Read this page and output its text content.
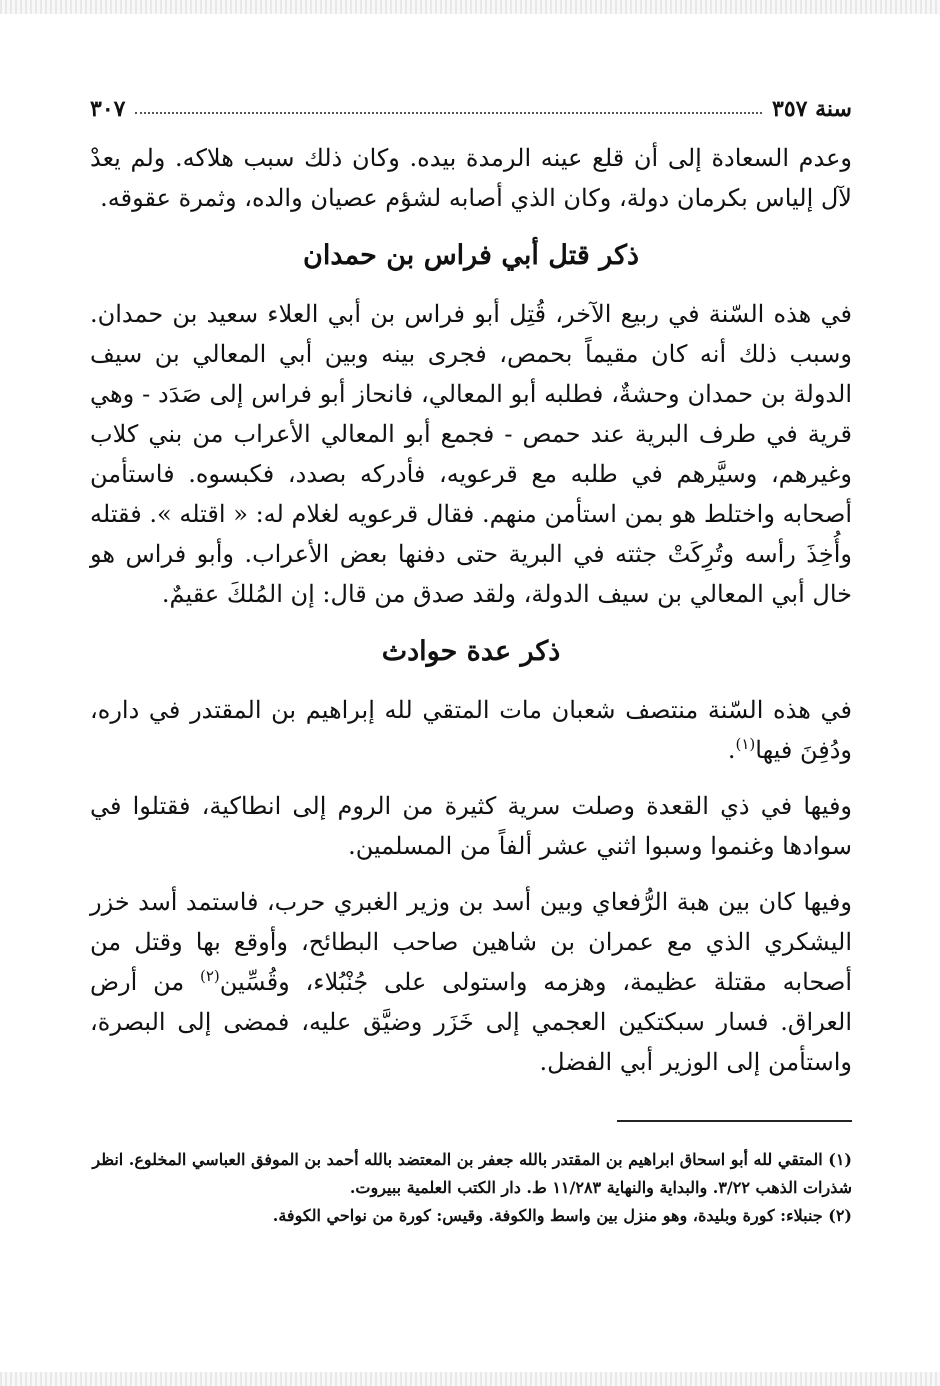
سنة ٣٥٧
٣٠٧

وعدم السعادة إلى أن قلع عينه الرمدة بيده. وكان ذلك سبب هلاكه. ولم يعدْ لآل إلياس بكرمان دولة، وكان الذي أصابه لشؤم عصيان والده، وثمرة عقوقه.

ذكر قتل أبي فراس بن حمدان

في هذه السّنة في ربيع الآخر، قُتِل أبو فراس بن أبي العلاء سعيد بن حمدان. وسبب ذلك أنه كان مقيماً بحمص، فجرى بينه وبين أبي المعالي بن سيف الدولة بن حمدان وحشةٌ، فطلبه أبو المعالي، فانحاز أبو فراس إلى صَدَد - وهي قرية في طرف البرية عند حمص - فجمع أبو المعالي الأعراب من بني كلاب وغيرهم، وسيَّرهم في طلبه مع قرعويه، فأدركه بصدد، فكبسوه. فاستأمن أصحابه واختلط هو بمن استأمن منهم. فقال قرعويه لغلام له: « اقتله ». فقتله وأُخِذَ رأسه وتُرِكَتْ جثته في البرية حتى دفنها بعض الأعراب. وأبو فراس هو خال أبي المعالي بن سيف الدولة، ولقد صدق من قال: إن المُلكَ عقيمٌ.

ذكر عدة حوادث

في هذه السّنة منتصف شعبان مات المتقي لله إبراهيم بن المقتدر في داره، ودُفِنَ فيها$^{(١)}$.

وفيها في ذي القعدة وصلت سرية كثيرة من الروم إلى انطاكية، فقتلوا في سوادها وغنموا وسبوا اثني عشر ألفاً من المسلمين.

وفيها كان بين هبة الرُّفعاي وبين أسد بن وزير الغبري حرب، فاستمد أسد خزر اليشكري الذي مع عمران بن شاهين صاحب البطائح، وأوقع بها وقتل من أصحابه مقتلة عظيمة، وهزمه واستولى على جُنْبُلاء، وقُسِّين$^{(٢)}$ من أرض العراق. فسار سبكتكين العجمي إلى خَزَر وضيَّق عليه، فمضى إلى البصرة، واستأمن إلى الوزير أبي الفضل.

(١) المتقي لله أبو اسحاق ابراهيم بن المقتدر بالله جعفر بن المعتضد بالله أحمد بن الموفق العباسي المخلوع. انظر شذرات الذهب ٣/٢٢. والبداية والنهاية ١١/٢٨٣ ط. دار الكتب العلمية ببيروت.

(٢) جنبلاء: كورة وبليدة، وهو منزل بين واسط والكوفة. وقيس: كورة من نواحي الكوفة.
